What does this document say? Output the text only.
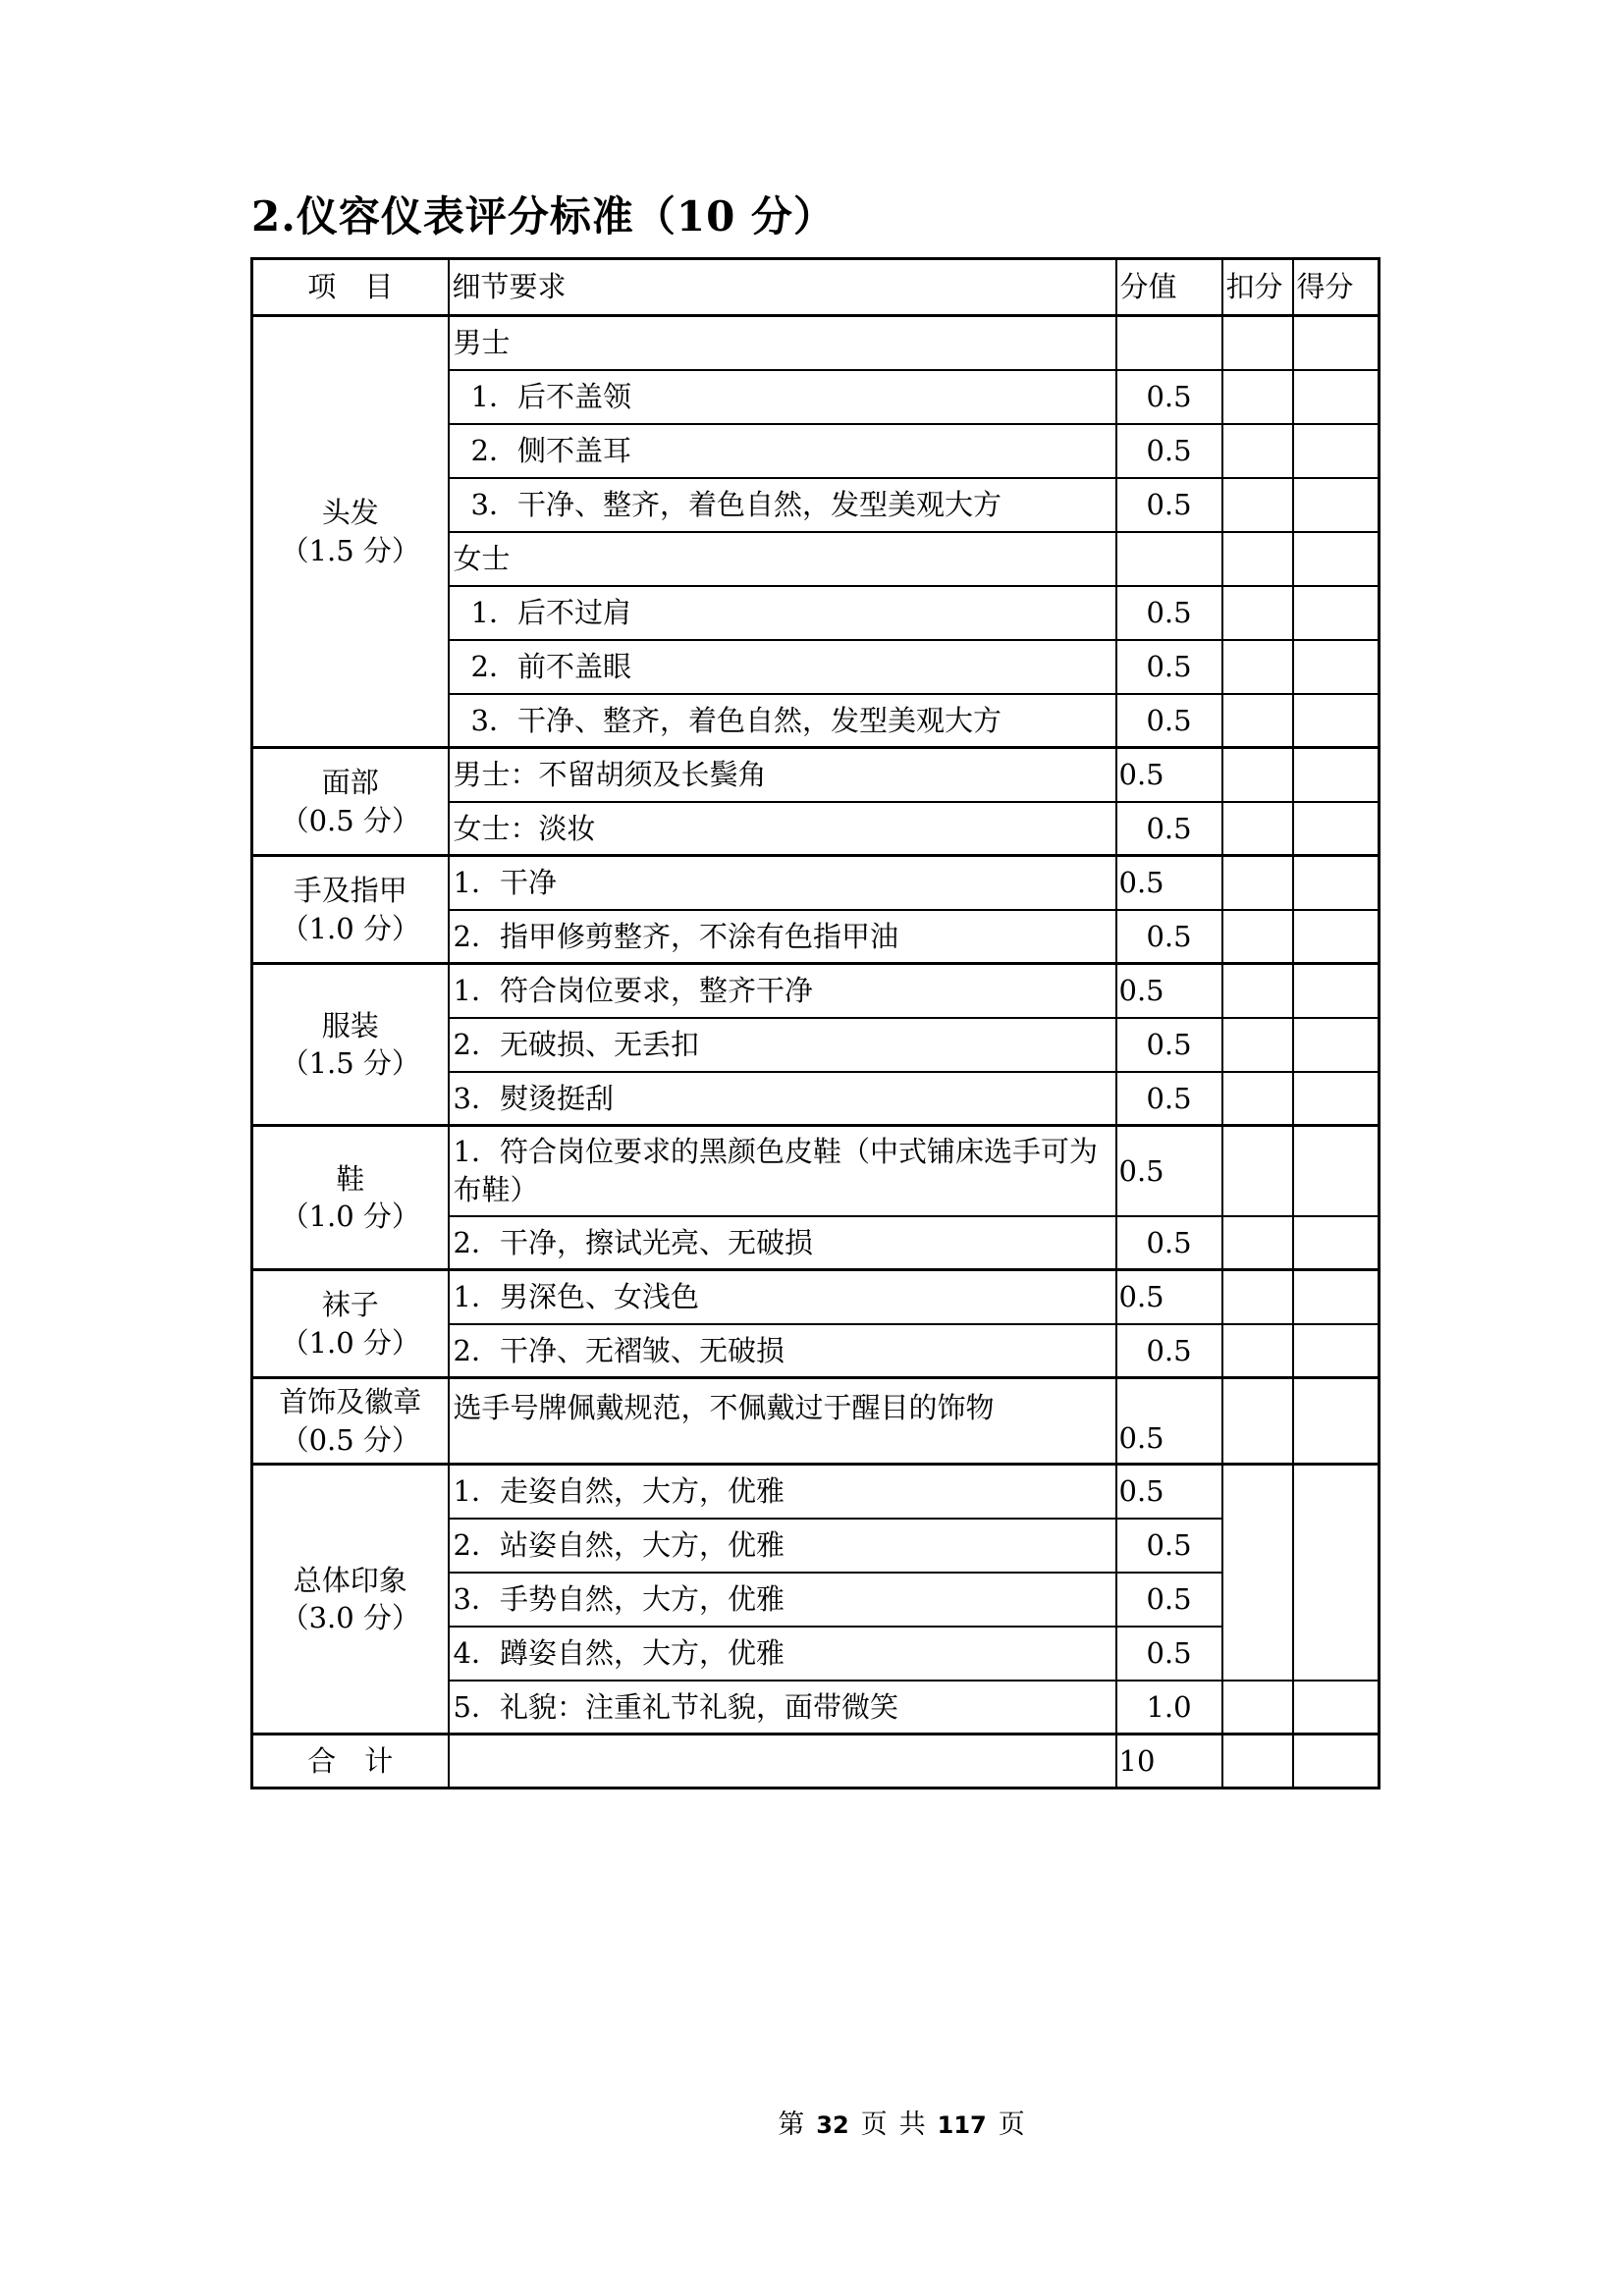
2.仪容仪表评分标准（10 分）
项　目	细节要求	分值	扣分	得分

头发
（1.5 分）	男士			
	1．后不盖领	0.5		
	2．侧不盖耳	0.5		
	3．干净、整齐，着色自然，发型美观大方	0.5		
	女士			
	1．后不过肩	0.5		
	2．前不盖眼	0.5		
	3．干净、整齐，着色自然，发型美观大方	0.5		

面部
（0.5 分）	男士：不留胡须及长鬓角	0.5		
	女士：淡妆	0.5		

手及指甲
（1.0 分）	1．干净	0.5		
	2．指甲修剪整齐，不涂有色指甲油	0.5		

服装
（1.5 分）	1．符合岗位要求，整齐干净	0.5		
	2．无破损、无丢扣	0.5		
	3．熨烫挺刮	0.5		

鞋
（1.0 分）	1．符合岗位要求的黑颜色皮鞋（中式铺床选手可为布鞋）	0.5		
	2．干净，擦试光亮、无破损	0.5		

袜子
（1.0 分）	1．男深色、女浅色	0.5		
	2．干净、无褶皱、无破损	0.5		

首饰及徽章
（0.5 分）	选手号牌佩戴规范，不佩戴过于醒目的饰物	0.5		

总体印象
（3.0 分）	1．走姿自然，大方，优雅	0.5		
	2．站姿自然，大方，优雅	0.5		
	3．手势自然，大方，优雅	0.5		
	4．蹲姿自然，大方，优雅	0.5		
	5．礼貌：注重礼节礼貌，面带微笑	1.0		
合　计		10		
第 32 页 共 117 页
